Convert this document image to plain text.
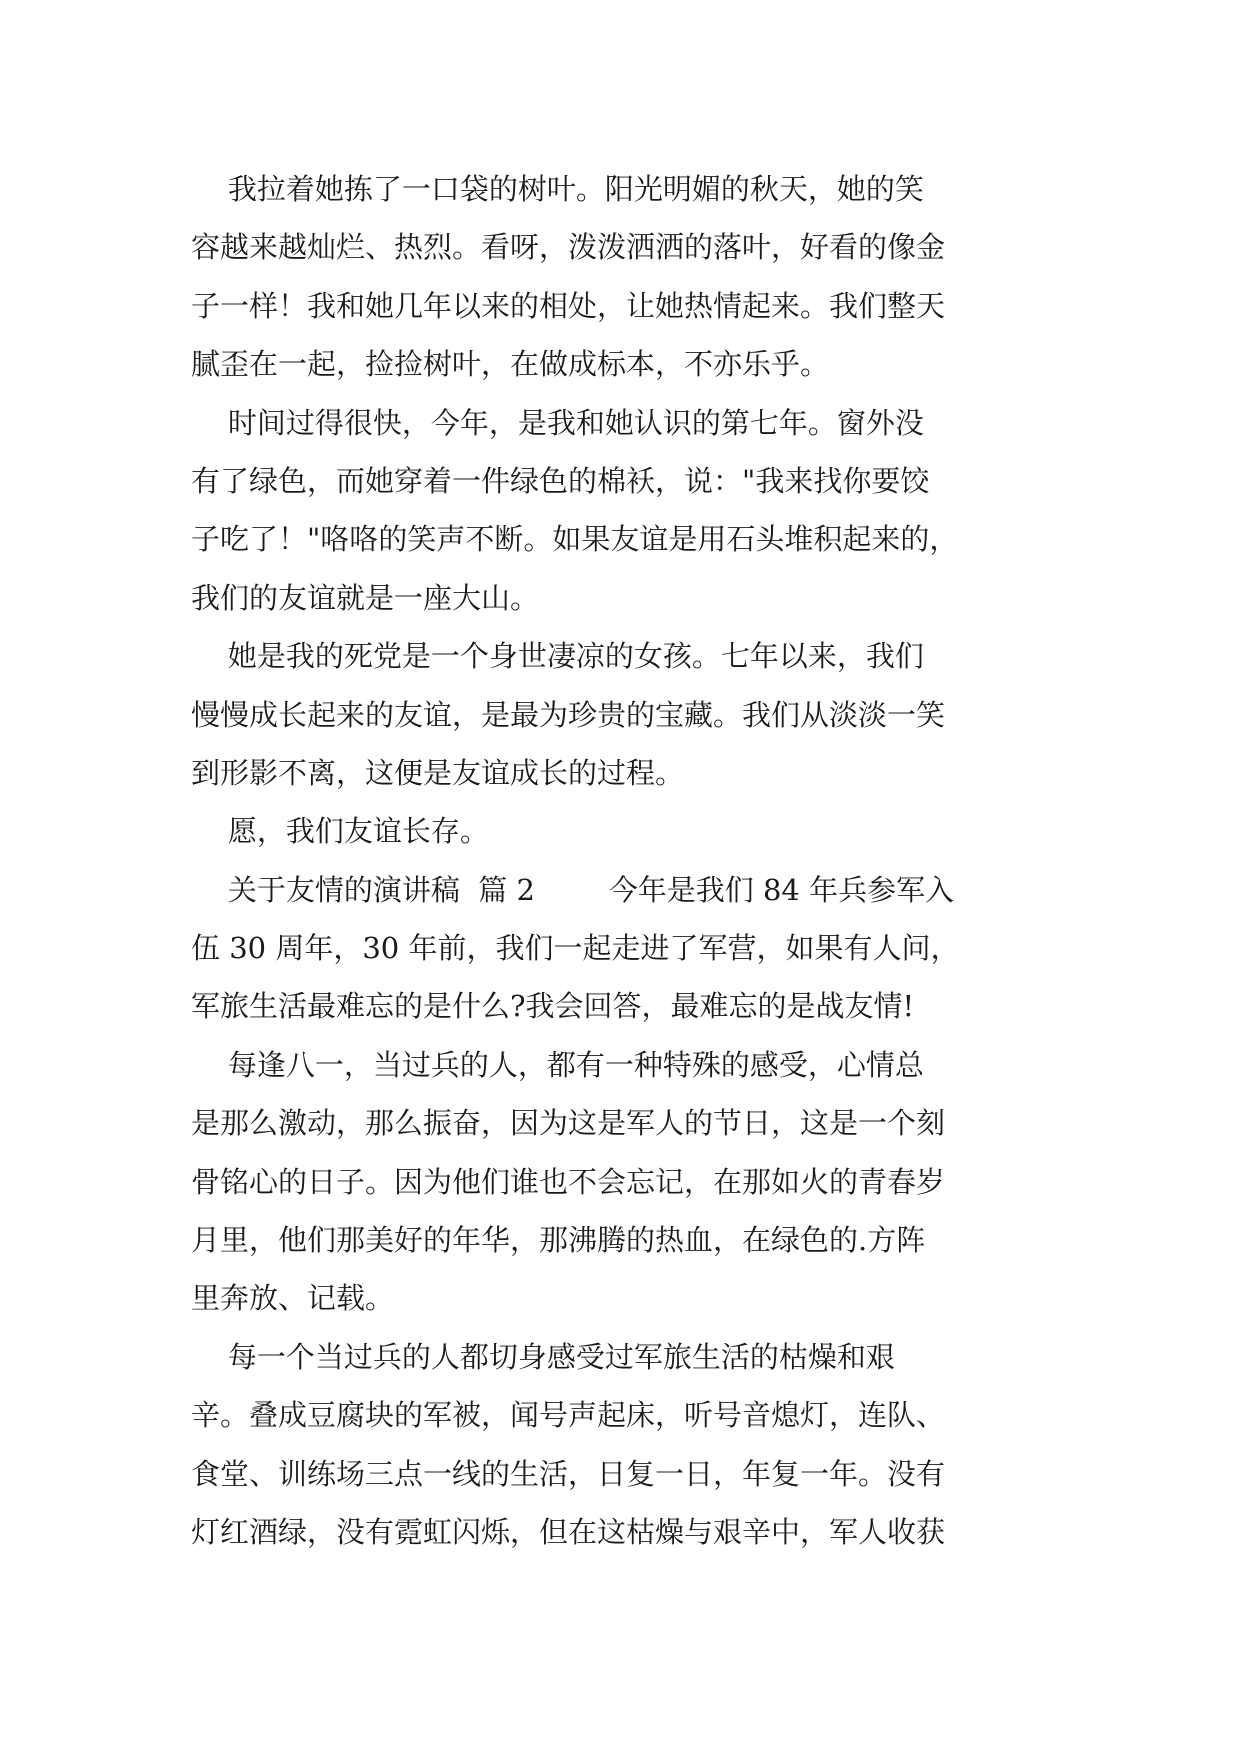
我拉着她拣了一口袋的树叶。阳光明媚的秋天，她的笑
容越来越灿烂、热烈。看呀，泼泼洒洒的落叶，好看的像金
子一样！我和她几年以来的相处，让她热情起来。我们整天
腻歪在一起，捡捡树叶，在做成标本，不亦乐乎。
时间过得很快，今年，是我和她认识的第七年。窗外没
有了绿色，而她穿着一件绿色的棉袄，说："我来找你要饺
子吃了！"咯咯的笑声不断。如果友谊是用石头堆积起来的，
我们的友谊就是一座大山。
她是我的死党是一个身世凄凉的女孩。七年以来，我们
慢慢成长起来的友谊，是最为珍贵的宝藏。我们从淡淡一笑
到形影不离，这便是友谊成长的过程。
愿，我们友谊长存。
关于友情的演讲稿  篇 2        今年是我们 84 年兵参军入
伍 30 周年，30 年前，我们一起走进了军营，如果有人问，
军旅生活最难忘的是什么?我会回答，最难忘的是战友情!
每逢八一，当过兵的人，都有一种特殊的感受，心情总
是那么激动，那么振奋，因为这是军人的节日，这是一个刻
骨铭心的日子。因为他们谁也不会忘记，在那如火的青春岁
月里，他们那美好的年华，那沸腾的热血，在绿色的.方阵
里奔放、记载。
每一个当过兵的人都切身感受过军旅生活的枯燥和艰
辛。叠成豆腐块的军被，闻号声起床，听号音熄灯，连队、
食堂、训练场三点一线的生活，日复一日，年复一年。没有
灯红酒绿，没有霓虹闪烁，但在这枯燥与艰辛中，军人收获
